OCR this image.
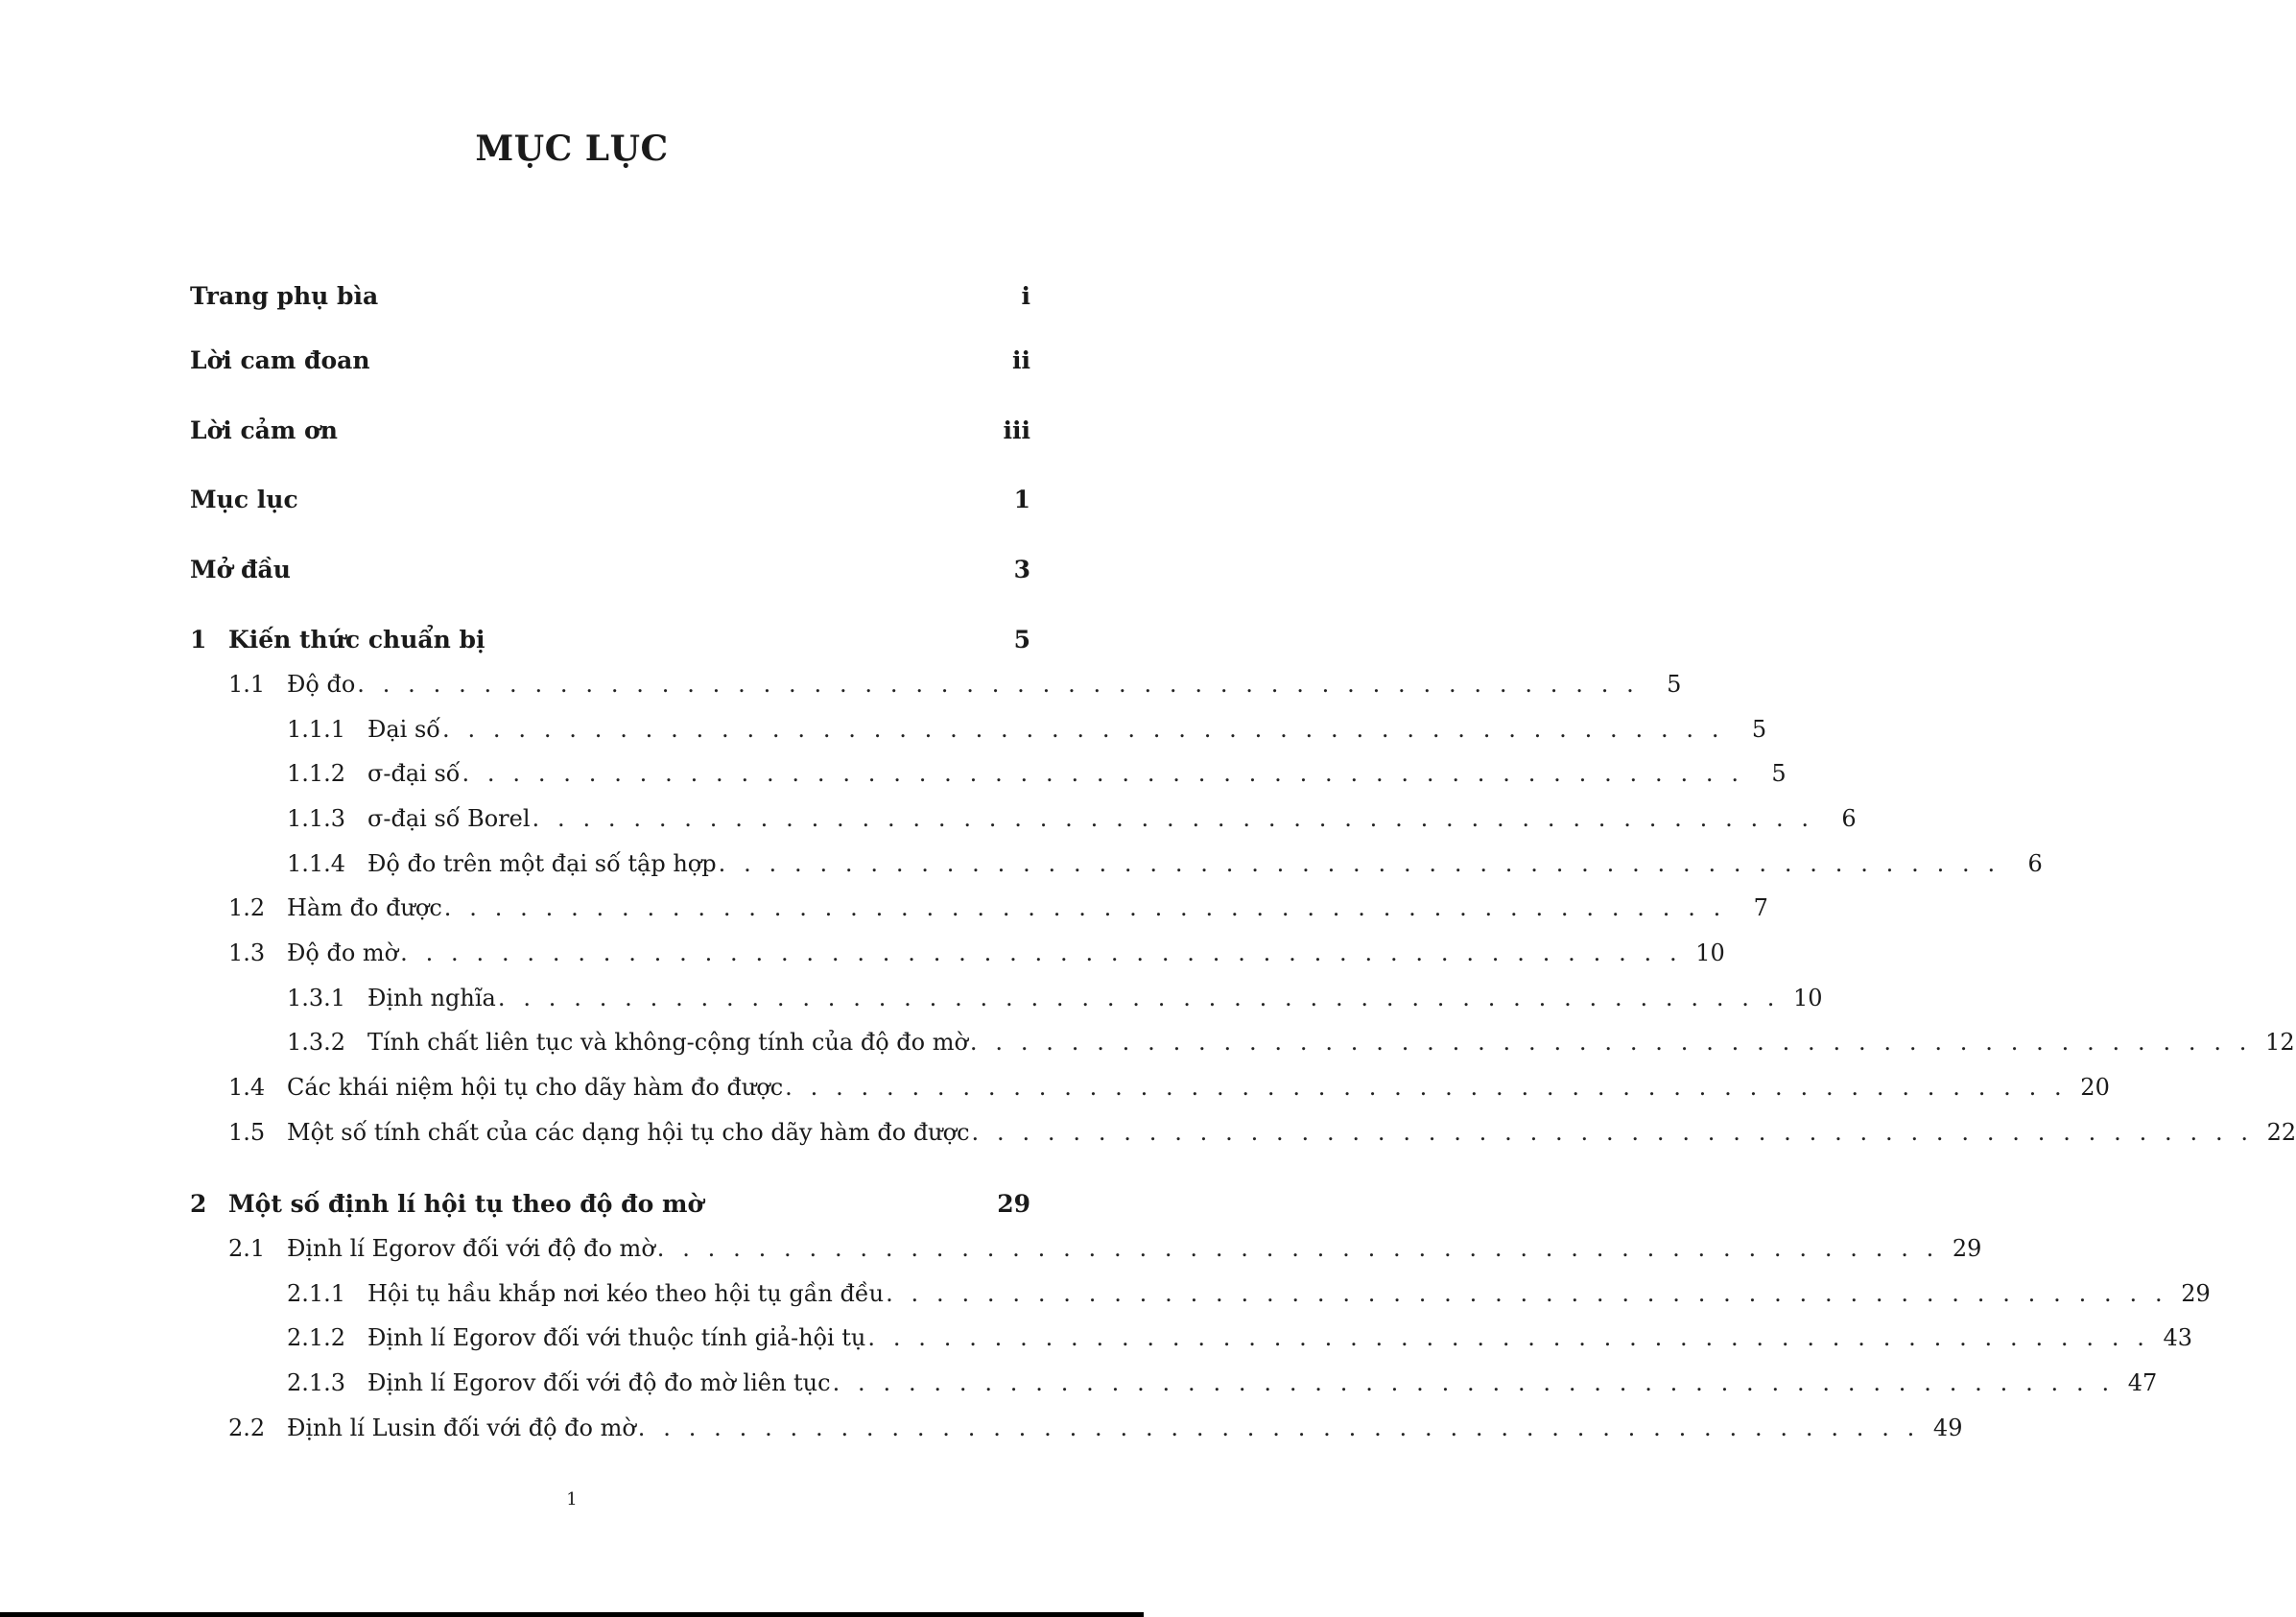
MỤC LỤC
Trang phụ bìa	i
Lời cam đoan	ii
Lời cảm ơn	iii
Mục lục	1
Mở đầu	3
1 Kiến thức chuẩn bị	5
1.1 Độ đo . . . . . . . . . . . . . . . . . . . . . . . . . . . . . . . . . . . . . . . . . . . . . . . . . . .	5
1.1.1 Đại số . . . . . . . . . . . . . . . . . . . . . . . . . . . . . . . . . . . . . . . . . . . . . . . . . . .	5
1.1.2 σ-đại số . . . . . . . . . . . . . . . . . . . . . . . . . . . . . . . . . . . . . . . . . . . . . . . . . . .	5
1.1.3 σ-đại số Borel . . . . . . . . . . . . . . . . . . . . . . . . . . . . . . . . . . . . . . . . . . . . . . . . . . .	6
1.1.4 Độ đo trên một đại số tập hợp . . . . . . . . . . . . . . . . . . . . . . . . . . . . . . . . . . . . . . . . . . . . . . . . . . .	6
1.2 Hàm đo được . . . . . . . . . . . . . . . . . . . . . . . . . . . . . . . . . . . . . . . . . . . . . . . . . . .	7
1.3 Độ đo mờ . . . . . . . . . . . . . . . . . . . . . . . . . . . . . . . . . . . . . . . . . . . . . . . . . . . 10
1.3.1 Định nghĩa . . . . . . . . . . . . . . . . . . . . . . . . . . . . . . . . . . . . . . . . . . . . . . . . . . . 10
1.3.2 Tính chất liên tục và không-cộng tính của độ đo mờ . . . . . . . . . . . . . . . . . . . . . . . . . . . . . . . . . . . . . . . . . . . . . . . . . . . 12
1.4 Các khái niệm hội tụ cho dãy hàm đo được . . . . . . . . . . . . . . . . . . . . . . . . . . . . . . . . . . . . . . . . . . . . . . . . . . . 20
1.5 Một số tính chất của các dạng hội tụ cho dãy hàm đo được . . . . . . . . . . . . . . . . . . . . . . . . . . . . . . . . . . . . . . . . . . . . . . . . . . . 22
2 Một số định lí hội tụ theo độ đo mờ	29
2.1 Định lí Egorov đối với độ đo mờ . . . . . . . . . . . . . . . . . . . . . . . . . . . . . . . . . . . . . . . . . . . . . . . . . . . 29
2.1.1 Hội tụ hầu khắp nơi kéo theo hội tụ gần đều . . . . . . . . . . . . . . . . . . . . . . . . . . . . . . . . . . . . . . . . . . . . . . . . . . . 29
2.1.2 Định lí Egorov đối với thuộc tính giả-hội tụ . . . . . . . . . . . . . . . . . . . . . . . . . . . . . . . . . . . . . . . . . . . . . . . . . . . 43
2.1.3 Định lí Egorov đối với độ đo mờ liên tục . . . . . . . . . . . . . . . . . . . . . . . . . . . . . . . . . . . . . . . . . . . . . . . . . . . 47
2.2 Định lí Lusin đối với độ đo mờ . . . . . . . . . . . . . . . . . . . . . . . . . . . . . . . . . . . . . . . . . . . . . . . . . . . 49
1
